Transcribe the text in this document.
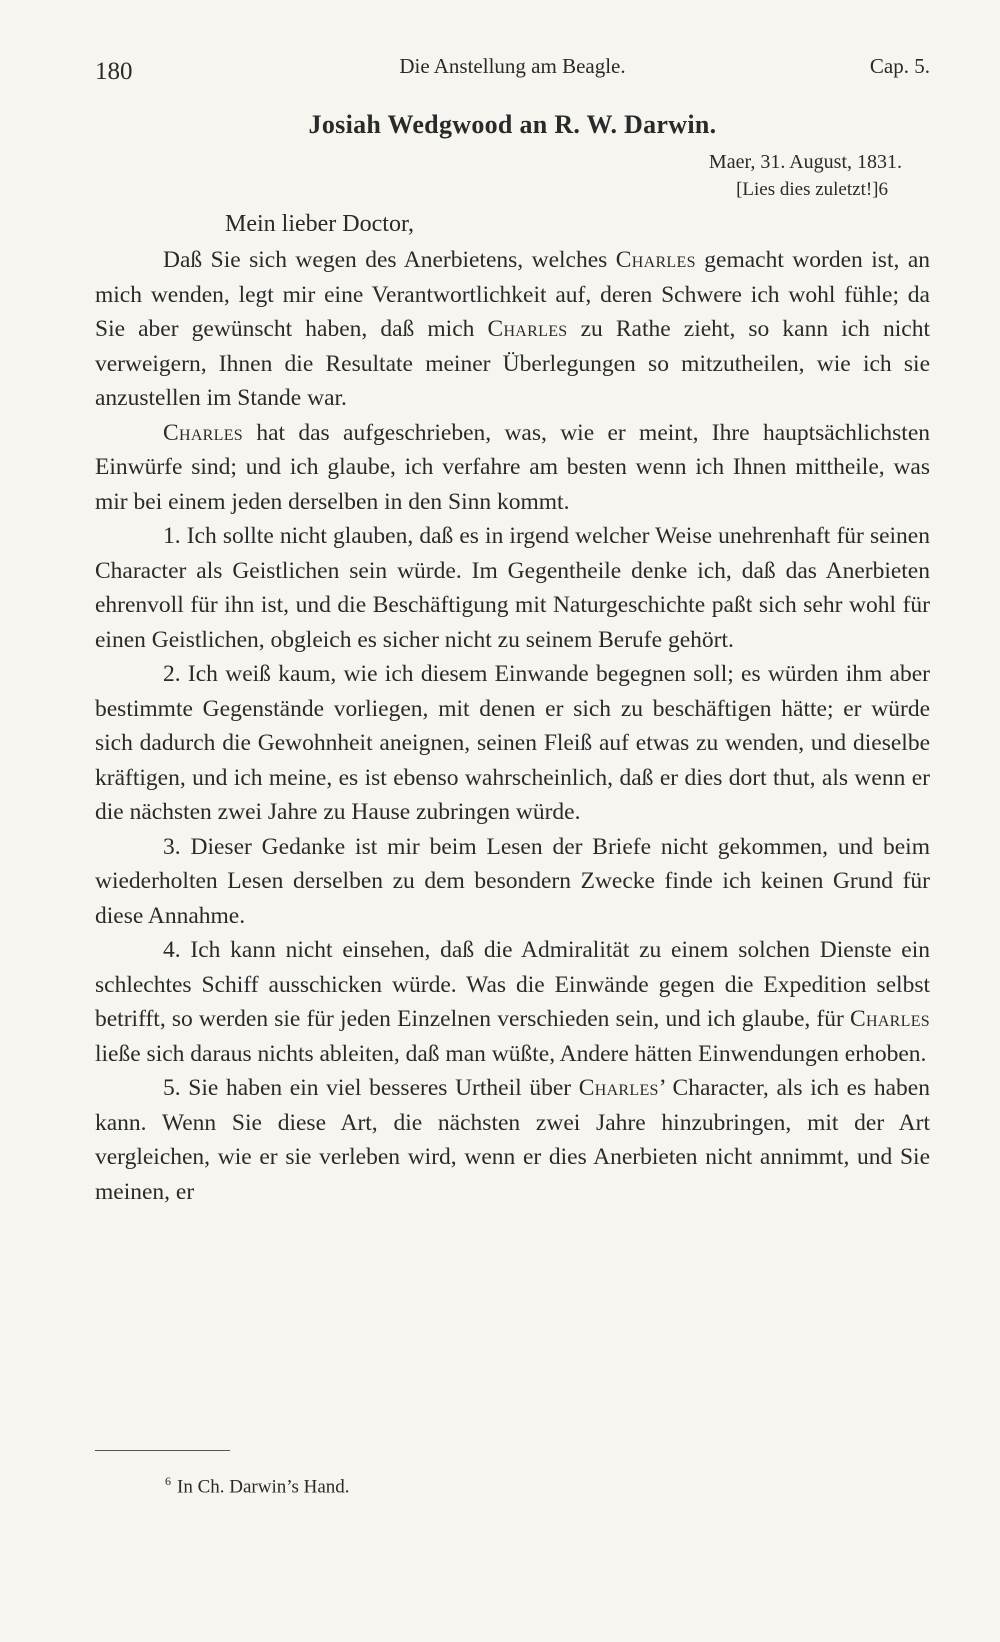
180	Die Anstellung am Beagle.	Cap. 5.
Josiah Wedgwood an R. W. Darwin.
Maer, 31. August, 1831.
[Lies dies zuletzt!]6
Mein lieber Doctor,

Daß Sie sich wegen des Anerbietens, welches Charles gemacht worden ist, an mich wenden, legt mir eine Verantwortlichkeit auf, deren Schwere ich wohl fühle; da Sie aber gewünscht haben, daß mich Charles zu Rathe zieht, so kann ich nicht verweigern, Ihnen die Resultate meiner Überlegungen so mitzutheilen, wie ich sie anzustellen im Stande war.

Charles hat das aufgeschrieben, was, wie er meint, Ihre hauptsächlichsten Einwürfe sind; und ich glaube, ich verfahre am besten wenn ich Ihnen mittheile, was mir bei einem jeden derselben in den Sinn kommt.

1. Ich sollte nicht glauben, daß es in irgend welcher Weise unehrenhaft für seinen Character als Geistlichen sein würde. Im Gegentheile denke ich, daß das Anerbieten ehrenvoll für ihn ist, und die Beschäftigung mit Naturgeschichte paßt sich sehr wohl für einen Geistlichen, obgleich es sicher nicht zu seinem Berufe gehört.

2. Ich weiß kaum, wie ich diesem Einwande begegnen soll; es würden ihm aber bestimmte Gegenstände vorliegen, mit denen er sich zu beschäftigen hätte; er würde sich dadurch die Gewohnheit aneignen, seinen Fleiß auf etwas zu wenden, und dieselbe kräftigen, und ich meine, es ist ebenso wahrscheinlich, daß er dies dort thut, als wenn er die nächsten zwei Jahre zu Hause zubringen würde.

3. Dieser Gedanke ist mir beim Lesen der Briefe nicht gekommen, und beim wiederholten Lesen derselben zu dem besondern Zwecke finde ich keinen Grund für diese Annahme.

4. Ich kann nicht einsehen, daß die Admiralität zu einem solchen Dienste ein schlechtes Schiff ausschicken würde. Was die Einwände gegen die Expedition selbst betrifft, so werden sie für jeden Einzelnen verschieden sein, und ich glaube, für Charles ließe sich daraus nichts ableiten, daß man wüßte, Andere hätten Einwendungen erhoben.

5. Sie haben ein viel besseres Urtheil über Charles’ Character, als ich es haben kann. Wenn Sie diese Art, die nächsten zwei Jahre hinzubringen, mit der Art vergleichen, wie er sie verleben wird, wenn er dies Anerbieten nicht annimmt, und Sie meinen, er

$^6$ In Ch. Darwin’s Hand.
